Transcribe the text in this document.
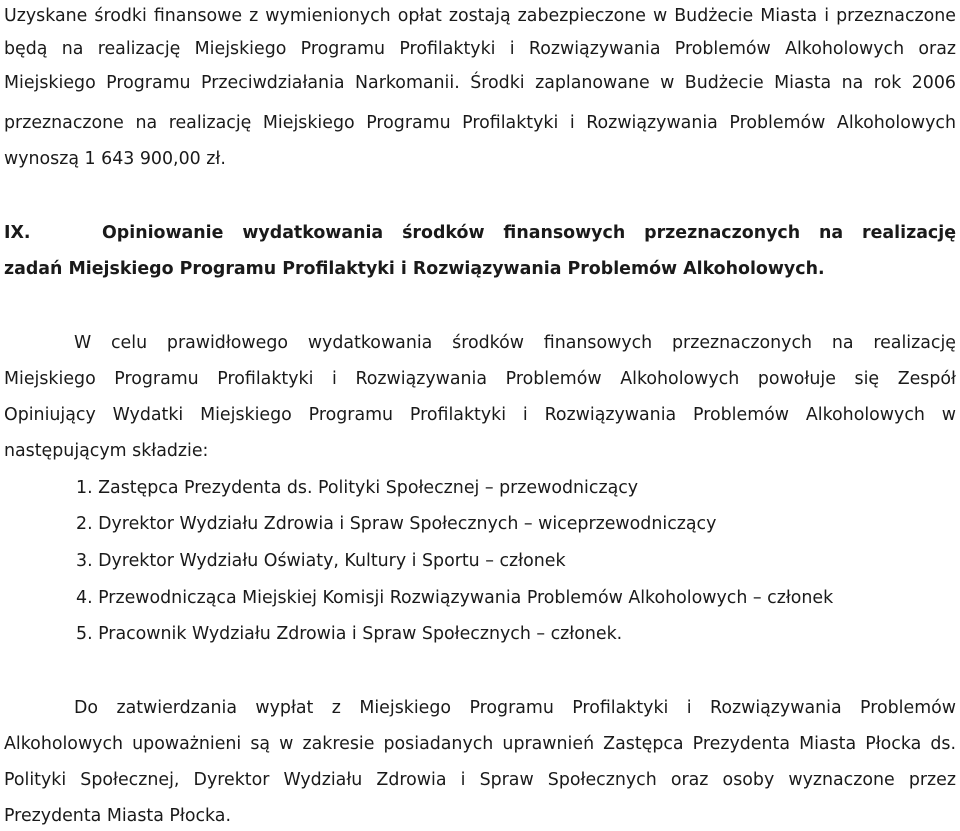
Uzyskane środki finansowe z wymienionych opłat zostają zabezpieczone w Budżecie Miasta i przeznaczone
będą na realizację Miejskiego Programu Profilaktyki i Rozwiązywania Problemów Alkoholowych oraz
Miejskiego Programu Przeciwdziałania Narkomanii. Środki zaplanowane w Budżecie Miasta na rok 2006
przeznaczone na realizację Miejskiego Programu Profilaktyki i Rozwiązywania Problemów Alkoholowych
wynoszą 1 643 900,00 zł.
IX.	Opiniowanie wydatkowania środków finansowych przeznaczonych na realizację
zadań Miejskiego Programu Profilaktyki i Rozwiązywania Problemów Alkoholowych.
W celu prawidłowego wydatkowania środków finansowych przeznaczonych na realizację
Miejskiego Programu Profilaktyki i Rozwiązywania Problemów Alkoholowych powołuje się Zespół
Opiniujący Wydatki Miejskiego Programu Profilaktyki i Rozwiązywania Problemów Alkoholowych w
następującym składzie:
1. Zastępca Prezydenta ds. Polityki Społecznej – przewodniczący
2. Dyrektor Wydziału Zdrowia i Spraw Społecznych – wiceprzewodniczący
3. Dyrektor Wydziału Oświaty, Kultury i Sportu – członek
4. Przewodnicząca Miejskiej Komisji Rozwiązywania Problemów Alkoholowych – członek
5. Pracownik Wydziału Zdrowia i Spraw Społecznych – członek.
Do zatwierdzania wypłat z Miejskiego Programu Profilaktyki i Rozwiązywania Problemów
Alkoholowych upoważnieni są w zakresie posiadanych uprawnień Zastępca Prezydenta Miasta Płocka ds.
Polityki Społecznej, Dyrektor Wydziału Zdrowia i Spraw Społecznych oraz osoby wyznaczone przez
Prezydenta Miasta Płocka.
